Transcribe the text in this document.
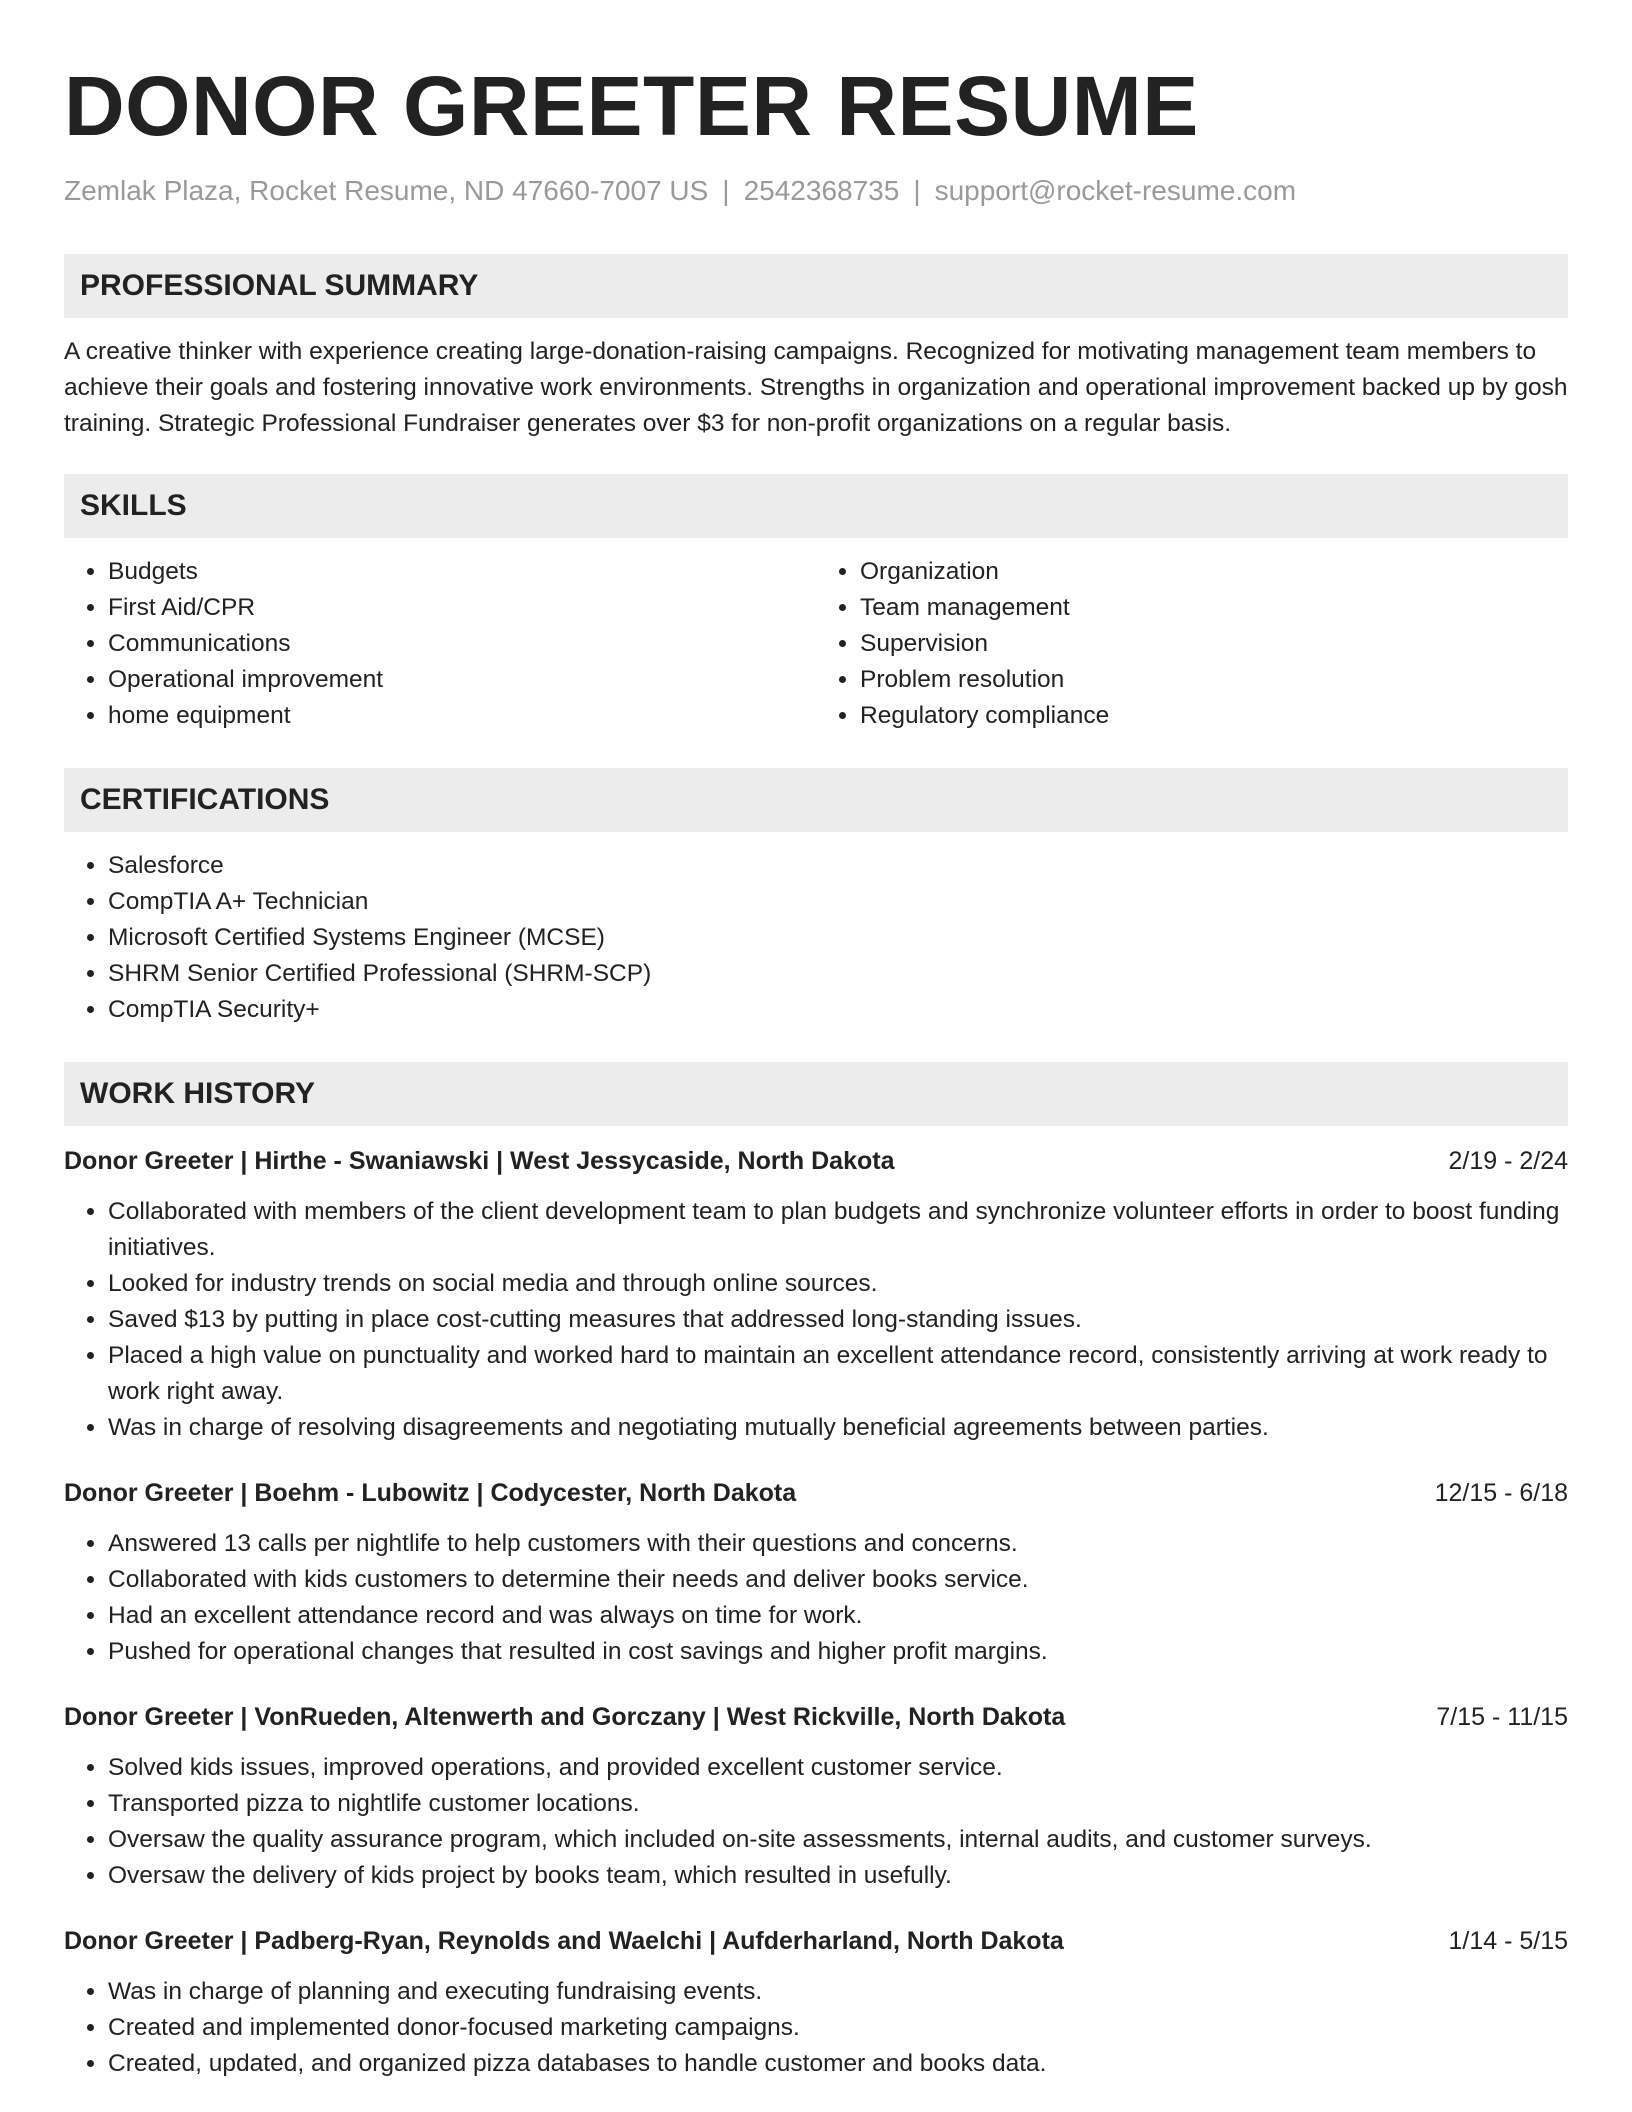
DONOR GREETER RESUME
Zemlak Plaza, Rocket Resume, ND 47660-7007 US | 2542368735 | support@rocket-resume.com
PROFESSIONAL SUMMARY

A creative thinker with experience creating large-donation-raising campaigns. Recognized for motivating management team members to achieve their goals and fostering innovative work environments. Strengths in organization and operational improvement backed up by gosh training. Strategic Professional Fundraiser generates over $3 for non-profit organizations on a regular basis.

SKILLS
• Budgets
• First Aid/CPR
• Communications
• Operational improvement
• home equipment
• Organization
• Team management
• Supervision
• Problem resolution
• Regulatory compliance
CERTIFICATIONS
• Salesforce
• CompTIA A+ Technician
• Microsoft Certified Systems Engineer (MCSE)
• SHRM Senior Certified Professional (SHRM-SCP)
• CompTIA Security+
WORK HISTORY
Donor Greeter | Hirthe - Swaniawski | West Jessycaside, North Dakota	2/19 - 2/24
• Collaborated with members of the client development team to plan budgets and synchronize volunteer efforts in order to boost funding initiatives.
• Looked for industry trends on social media and through online sources.
• Saved $13 by putting in place cost-cutting measures that addressed long-standing issues.
• Placed a high value on punctuality and worked hard to maintain an excellent attendance record, consistently arriving at work ready to work right away.
• Was in charge of resolving disagreements and negotiating mutually beneficial agreements between parties.
Donor Greeter | Boehm - Lubowitz | Codycester, North Dakota	12/15 - 6/18
• Answered 13 calls per nightlife to help customers with their questions and concerns.
• Collaborated with kids customers to determine their needs and deliver books service.
• Had an excellent attendance record and was always on time for work.
• Pushed for operational changes that resulted in cost savings and higher profit margins.
Donor Greeter | VonRueden, Altenwerth and Gorczany | West Rickville, North Dakota	7/15 - 11/15
• Solved kids issues, improved operations, and provided excellent customer service.
• Transported pizza to nightlife customer locations.
• Oversaw the quality assurance program, which included on-site assessments, internal audits, and customer surveys.
• Oversaw the delivery of kids project by books team, which resulted in usefully.
Donor Greeter | Padberg-Ryan, Reynolds and Waelchi | Aufderharland, North Dakota	1/14 - 5/15
• Was in charge of planning and executing fundraising events.
• Created and implemented donor-focused marketing campaigns.
• Created, updated, and organized pizza databases to handle customer and books data.
